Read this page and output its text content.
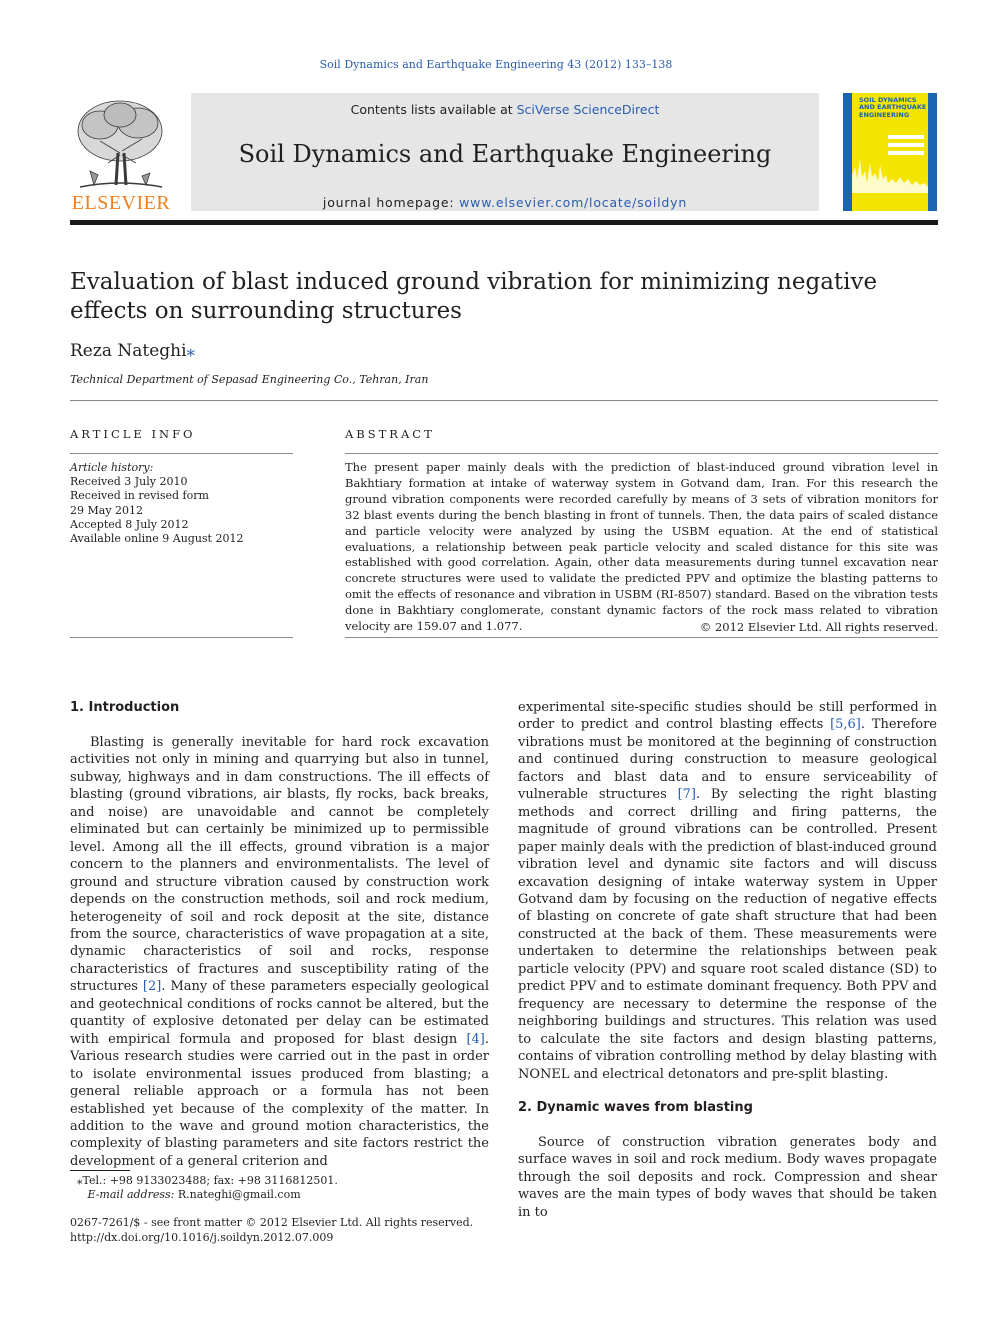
Soil Dynamics and Earthquake Engineering 43 (2012) 133–138
ELSEVIER
Contents lists available at SciVerse ScienceDirect
Soil Dynamics and Earthquake Engineering
journal homepage: www.elsevier.com/locate/soildyn
SOIL DYNAMICS AND EARTHQUAKE ENGINEERING
Evaluation of blast induced ground vibration for minimizing negative effects on surrounding structures
Reza Nateghi⁎
Technical Department of Sepasad Engineering Co., Tehran, Iran
ARTICLE INFO	ABSTRACT
Article history:
Received 3 July 2010
Received in revised form
29 May 2012
Accepted 8 July 2012
Available online 9 August 2012
The present paper mainly deals with the prediction of blast-induced ground vibration level in Bakhtiary formation at intake of waterway system in Gotvand dam, Iran. For this research the ground vibration components were recorded carefully by means of 3 sets of vibration monitors for 32 blast events during the bench blasting in front of tunnels. Then, the data pairs of scaled distance and particle velocity were analyzed by using the USBM equation. At the end of statistical evaluations, a relationship between peak particle velocity and scaled distance for this site was established with good correlation. Again, other data measurements during tunnel excavation near concrete structures were used to validate the predicted PPV and optimize the blasting patterns to omit the effects of resonance and vibration in USBM (RI-8507) standard. Based on the vibration tests done in Bakhtiary conglomerate, constant dynamic factors of the rock mass related to vibration velocity are 159.07 and 1.077.	© 2012 Elsevier Ltd. All rights reserved.
1. Introduction

Blasting is generally inevitable for hard rock excavation activities not only in mining and quarrying but also in tunnel, subway, highways and in dam constructions. The ill effects of blasting (ground vibrations, air blasts, fly rocks, back breaks, and noise) are unavoidable and cannot be completely eliminated but can certainly be minimized up to permissible level. Among all the ill effects, ground vibration is a major concern to the planners and environmentalists. The level of ground and structure vibration caused by construction work depends on the construction methods, soil and rock medium, heterogeneity of soil and rock deposit at the site, distance from the source, characteristics of wave propagation at a site, dynamic characteristics of soil and rocks, response characteristics of fractures and susceptibility rating of the structures [2]. Many of these parameters especially geological and geotechnical conditions of rocks cannot be altered, but the quantity of explosive detonated per delay can be estimated with empirical formula and proposed for blast design [4]. Various research studies were carried out in the past in order to isolate environmental issues produced from blasting; a general reliable approach or a formula has not been established yet because of the complexity of the matter. In addition to the wave and ground motion characteristics, the complexity of blasting parameters and site factors restrict the development of a general criterion and

experimental site-specific studies should be still performed in order to predict and control blasting effects [5,6]. Therefore vibrations must be monitored at the beginning of construction and continued during construction to measure geological factors and blast data and to ensure serviceability of vulnerable structures [7]. By selecting the right blasting methods and correct drilling and firing patterns, the magnitude of ground vibrations can be controlled. Present paper mainly deals with the prediction of blast-induced ground vibration level and dynamic site factors and will discuss excavation designing of intake waterway system in Upper Gotvand dam by focusing on the reduction of negative effects of blasting on concrete of gate shaft structure that had been constructed at the back of them. These measurements were undertaken to determine the relationships between peak particle velocity (PPV) and square root scaled distance (SD) to predict PPV and to estimate dominant frequency. Both PPV and frequency are necessary to determine the response of the neighboring buildings and structures. This relation was used to calculate the site factors and design blasting patterns, contains of vibration controlling method by delay blasting with NONEL and electrical detonators and pre-split blasting.

2. Dynamic waves from blasting

Source of construction vibration generates body and surface waves in soil and rock medium. Body waves propagate through the soil deposits and rock. Compression and shear waves are the main types of body waves that should be taken in to

⁎Tel.: +98 9133023488; fax: +98 3116812501.
E-mail address: R.nateghi@gmail.com
0267-7261/$ - see front matter © 2012 Elsevier Ltd. All rights reserved.
http://dx.doi.org/10.1016/j.soildyn.2012.07.009
